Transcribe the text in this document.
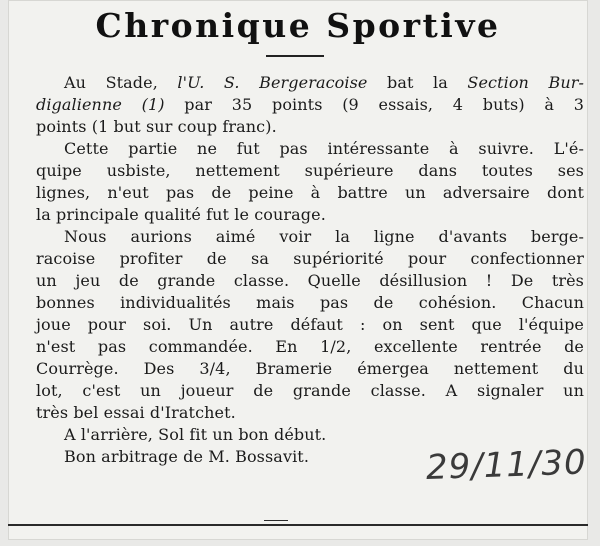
Chronique Sportive
Au Stade, l'U. S. Bergeracoise bat la Section Bur-
digalienne (1) par 35 points (9 essais, 4 buts) à 3
points (1 but sur coup franc).
Cette partie ne fut pas intéressante à suivre. L'é-
quipe usbiste, nettement supérieure dans toutes ses
lignes, n'eut pas de peine à battre un adversaire dont
la principale qualité fut le courage.
Nous aurions aimé voir la ligne d'avants berge-
racoise profiter de sa supériorité pour confectionner
un jeu de grande classe. Quelle désillusion ! De très
bonnes individualités mais pas de cohésion. Chacun
joue pour soi. Un autre défaut : on sent que l'équipe
n'est pas commandée. En 1/2, excellente rentrée de
Courrège. Des 3/4, Bramerie émergea nettement du
lot, c'est un joueur de grande classe. A signaler un
très bel essai d'Iratchet.
A l'arrière, Sol fit un bon début.
Bon arbitrage de M. Bossavit.	29/11/30
